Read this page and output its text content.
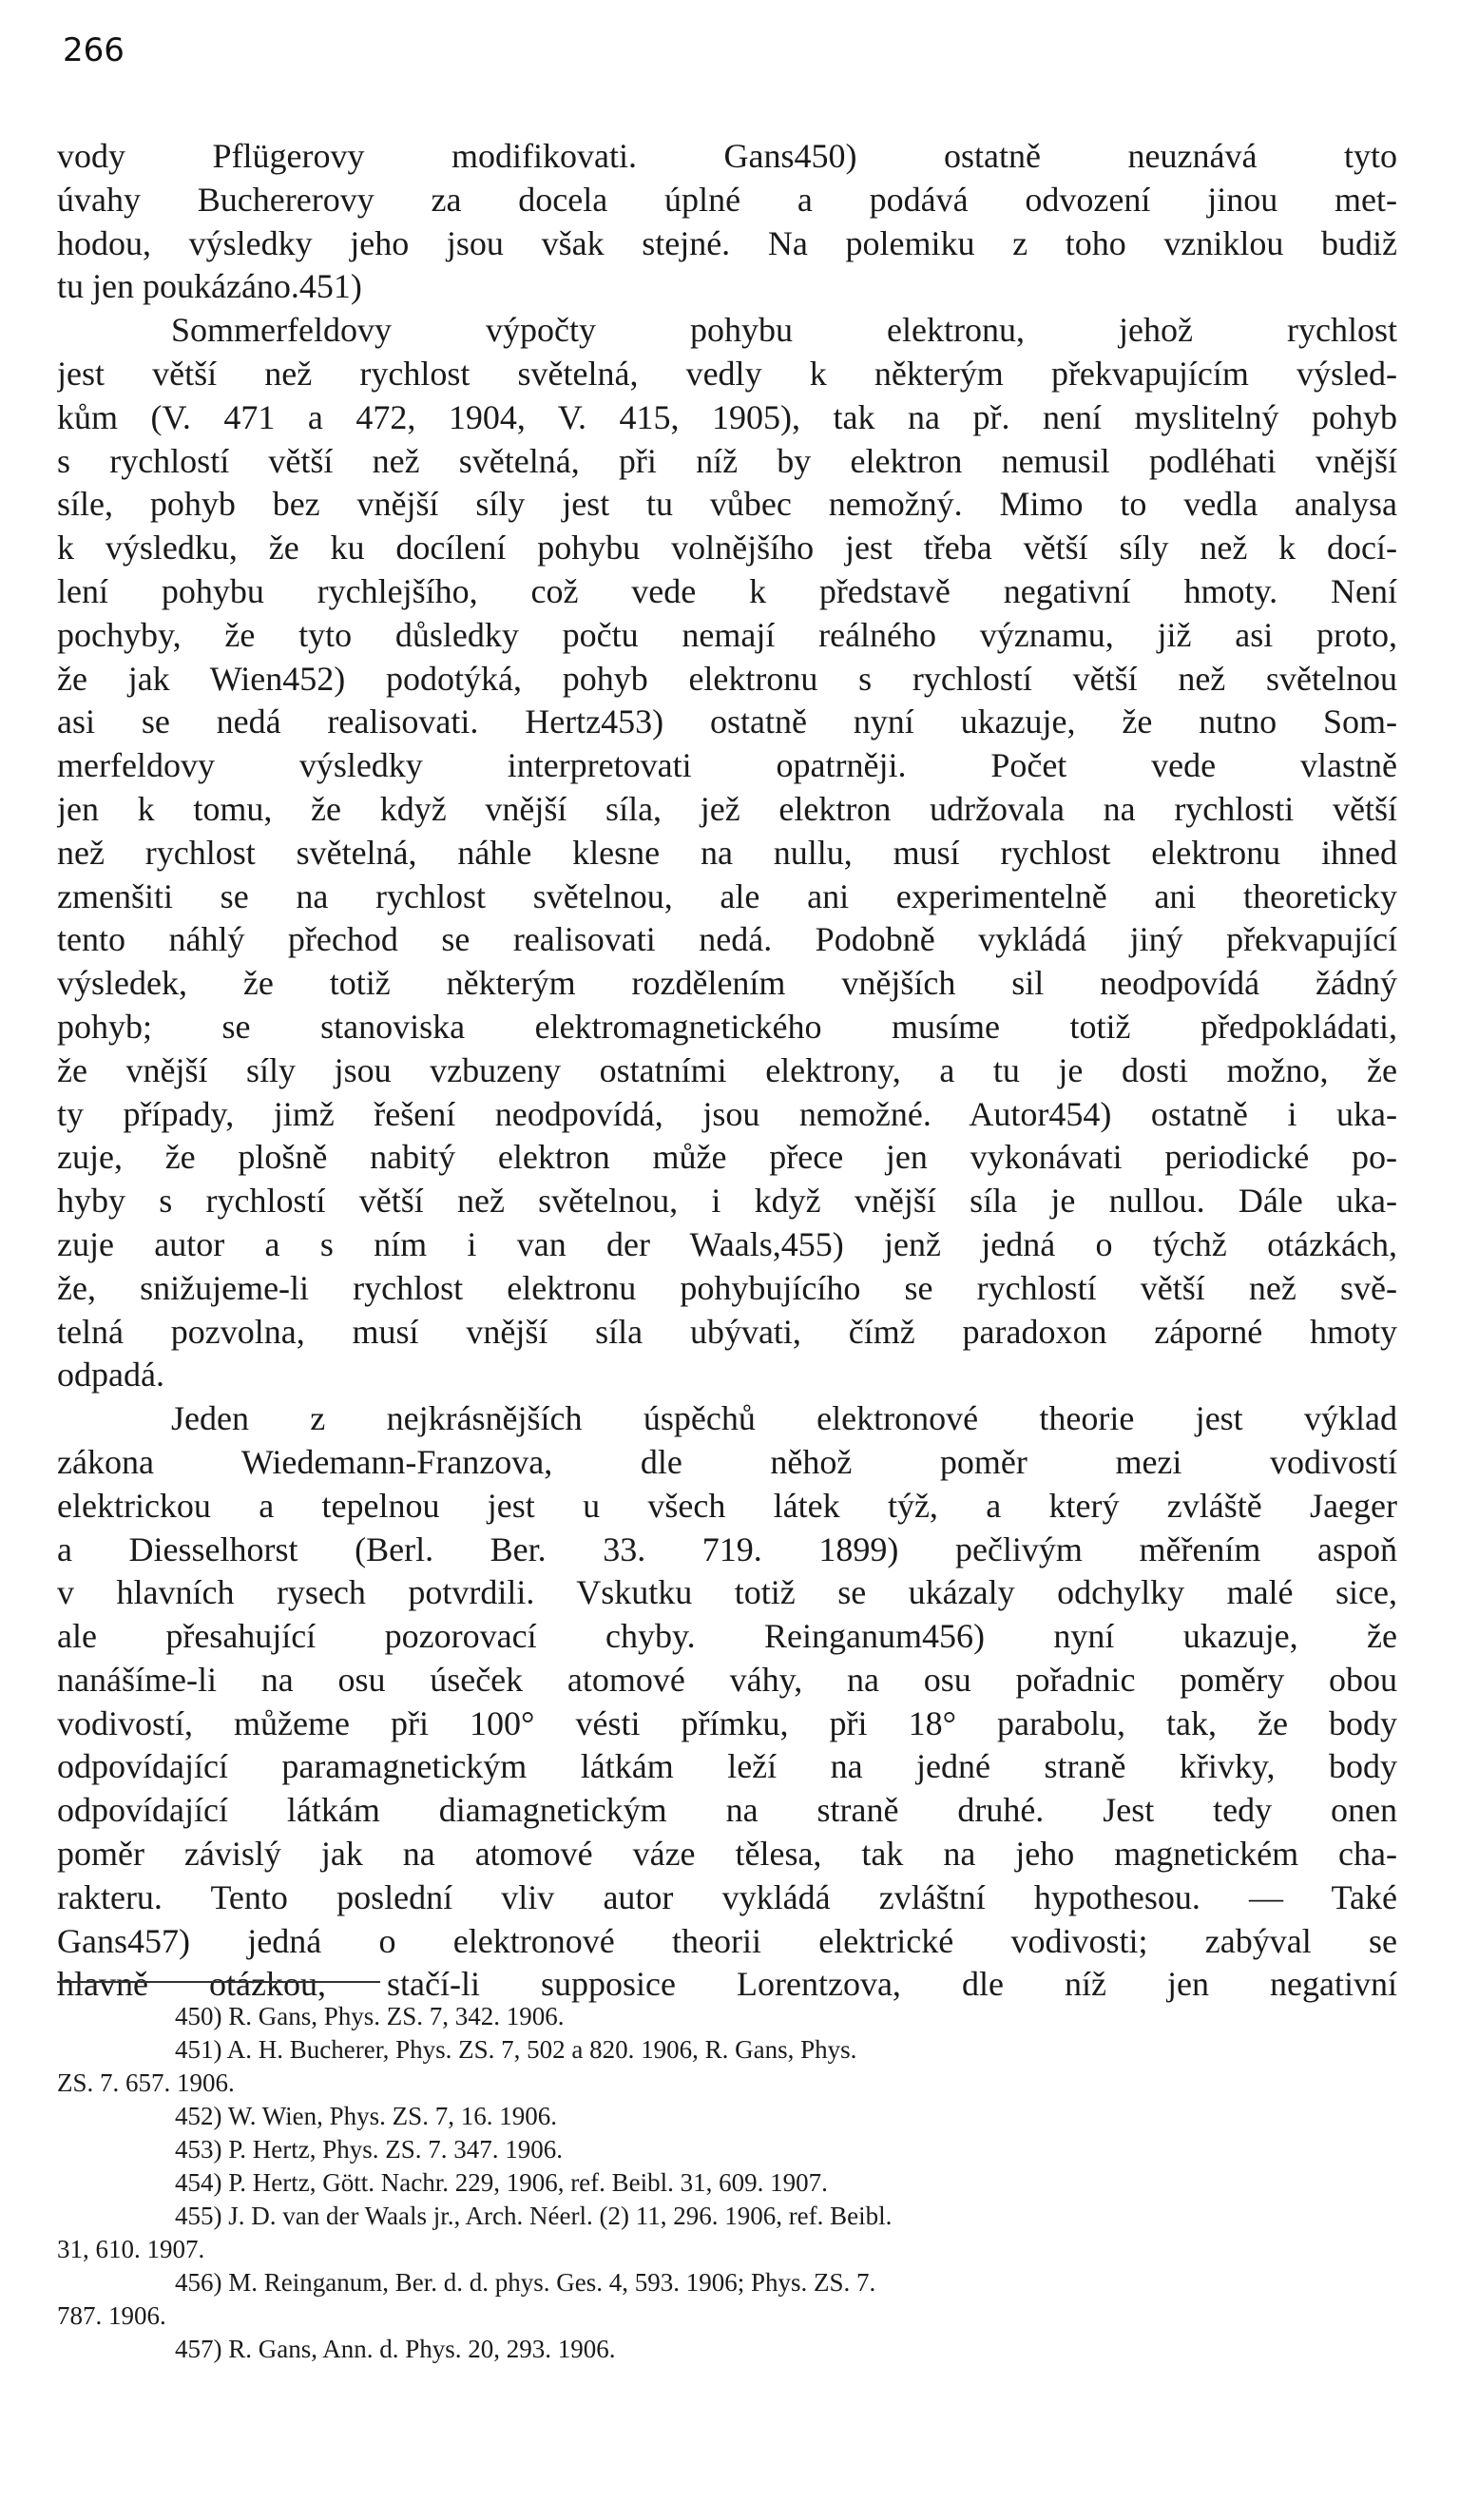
266
vody Pflügerovy modifikovati. Gans450) ostatně neuznává tyto
úvahy Buchererovy za docela úplné a podává odvození jinou met-
hodou, výsledky jeho jsou však stejné. Na polemiku z toho vzniklou budiž
tu jen poukázáno.451)
Sommerfeldovy výpočty pohybu elektronu, jehož rychlost
jest větší než rychlost světelná, vedly k některým překvapujícím výsled-
kům (V. 471 a 472, 1904, V. 415, 1905), tak na př. není myslitelný pohyb
s rychlostí větší než světelná, při níž by elektron nemusil podléhati vnější
síle, pohyb bez vnější síly jest tu vůbec nemožný. Mimo to vedla analysa
k výsledku, že ku docílení pohybu volnějšího jest třeba větší síly než k docí-
lení pohybu rychlejšího, což vede k představě negativní hmoty. Není
pochyby, že tyto důsledky počtu nemají reálného významu, již asi proto,
že jak Wien452) podotýká, pohyb elektronu s rychlostí větší než světelnou
asi se nedá realisovati. Hertz453) ostatně nyní ukazuje, že nutno Som-
merfeldovy výsledky interpretovati opatrněji. Počet vede vlastně
jen k tomu, že když vnější síla, jež elektron udržovala na rychlosti větší
než rychlost světelná, náhle klesne na nullu, musí rychlost elektronu ihned
zmenšiti se na rychlost světelnou, ale ani experimentelně ani theoreticky
tento náhlý přechod se realisovati nedá. Podobně vykládá jiný překvapující
výsledek, že totiž některým rozdělením vnějších sil neodpovídá žádný
pohyb; se stanoviska elektromagnetického musíme totiž předpokládati,
že vnější síly jsou vzbuzeny ostatními elektrony, a tu je dosti možno, že
ty případy, jimž řešení neodpovídá, jsou nemožné. Autor454) ostatně i uka-
zuje, že plošně nabitý elektron může přece jen vykonávati periodické po-
hyby s rychlostí větší než světelnou, i když vnější síla je nullou. Dále uka-
zuje autor a s ním i van der Waals,455) jenž jedná o týchž otázkách,
že, snižujeme-li rychlost elektronu pohybujícího se rychlostí větší než svě-
telná pozvolna, musí vnější síla ubývati, čímž paradoxon záporné hmoty
odpadá.
Jeden z nejkrásnějších úspěchů elektronové theorie jest výklad
zákona Wiedemann-Franzova, dle něhož poměr mezi vodivostí
elektrickou a tepelnou jest u všech látek týž, a který zvláště Jaeger
a Diesselhorst (Berl. Ber. 33. 719. 1899) pečlivým měřením aspoň
v hlavních rysech potvrdili. Vskutku totiž se ukázaly odchylky malé sice,
ale přesahující pozorovací chyby. Reinganum456) nyní ukazuje, že
nanášíme-li na osu úseček atomové váhy, na osu pořadnic poměry obou
vodivostí, můžeme při 100° vésti přímku, při 18° parabolu, tak, že body
odpovídající paramagnetickým látkám leží na jedné straně křivky, body
odpovídající látkám diamagnetickým na straně druhé. Jest tedy onen
poměr závislý jak na atomové váze tělesa, tak na jeho magnetickém cha-
rakteru. Tento poslední vliv autor vykládá zvláštní hypothesou. — Také
Gans457) jedná o elektronové theorii elektrické vodivosti; zabýval se
hlavně otázkou, stačí-li supposice Lorentzova, dle níž jen negativní
450) R. Gans, Phys. ZS. 7, 342. 1906.
451) A. H. Bucherer, Phys. ZS. 7, 502 a 820. 1906, R. Gans, Phys.
ZS. 7. 657. 1906.
452) W. Wien, Phys. ZS. 7, 16. 1906.
453) P. Hertz, Phys. ZS. 7. 347. 1906.
454) P. Hertz, Gött. Nachr. 229, 1906, ref. Beibl. 31, 609. 1907.
455) J. D. van der Waals jr., Arch. Néerl. (2) 11, 296. 1906, ref. Beibl.
31, 610. 1907.
456) M. Reinganum, Ber. d. d. phys. Ges. 4, 593. 1906; Phys. ZS. 7.
787. 1906.
457) R. Gans, Ann. d. Phys. 20, 293. 1906.
